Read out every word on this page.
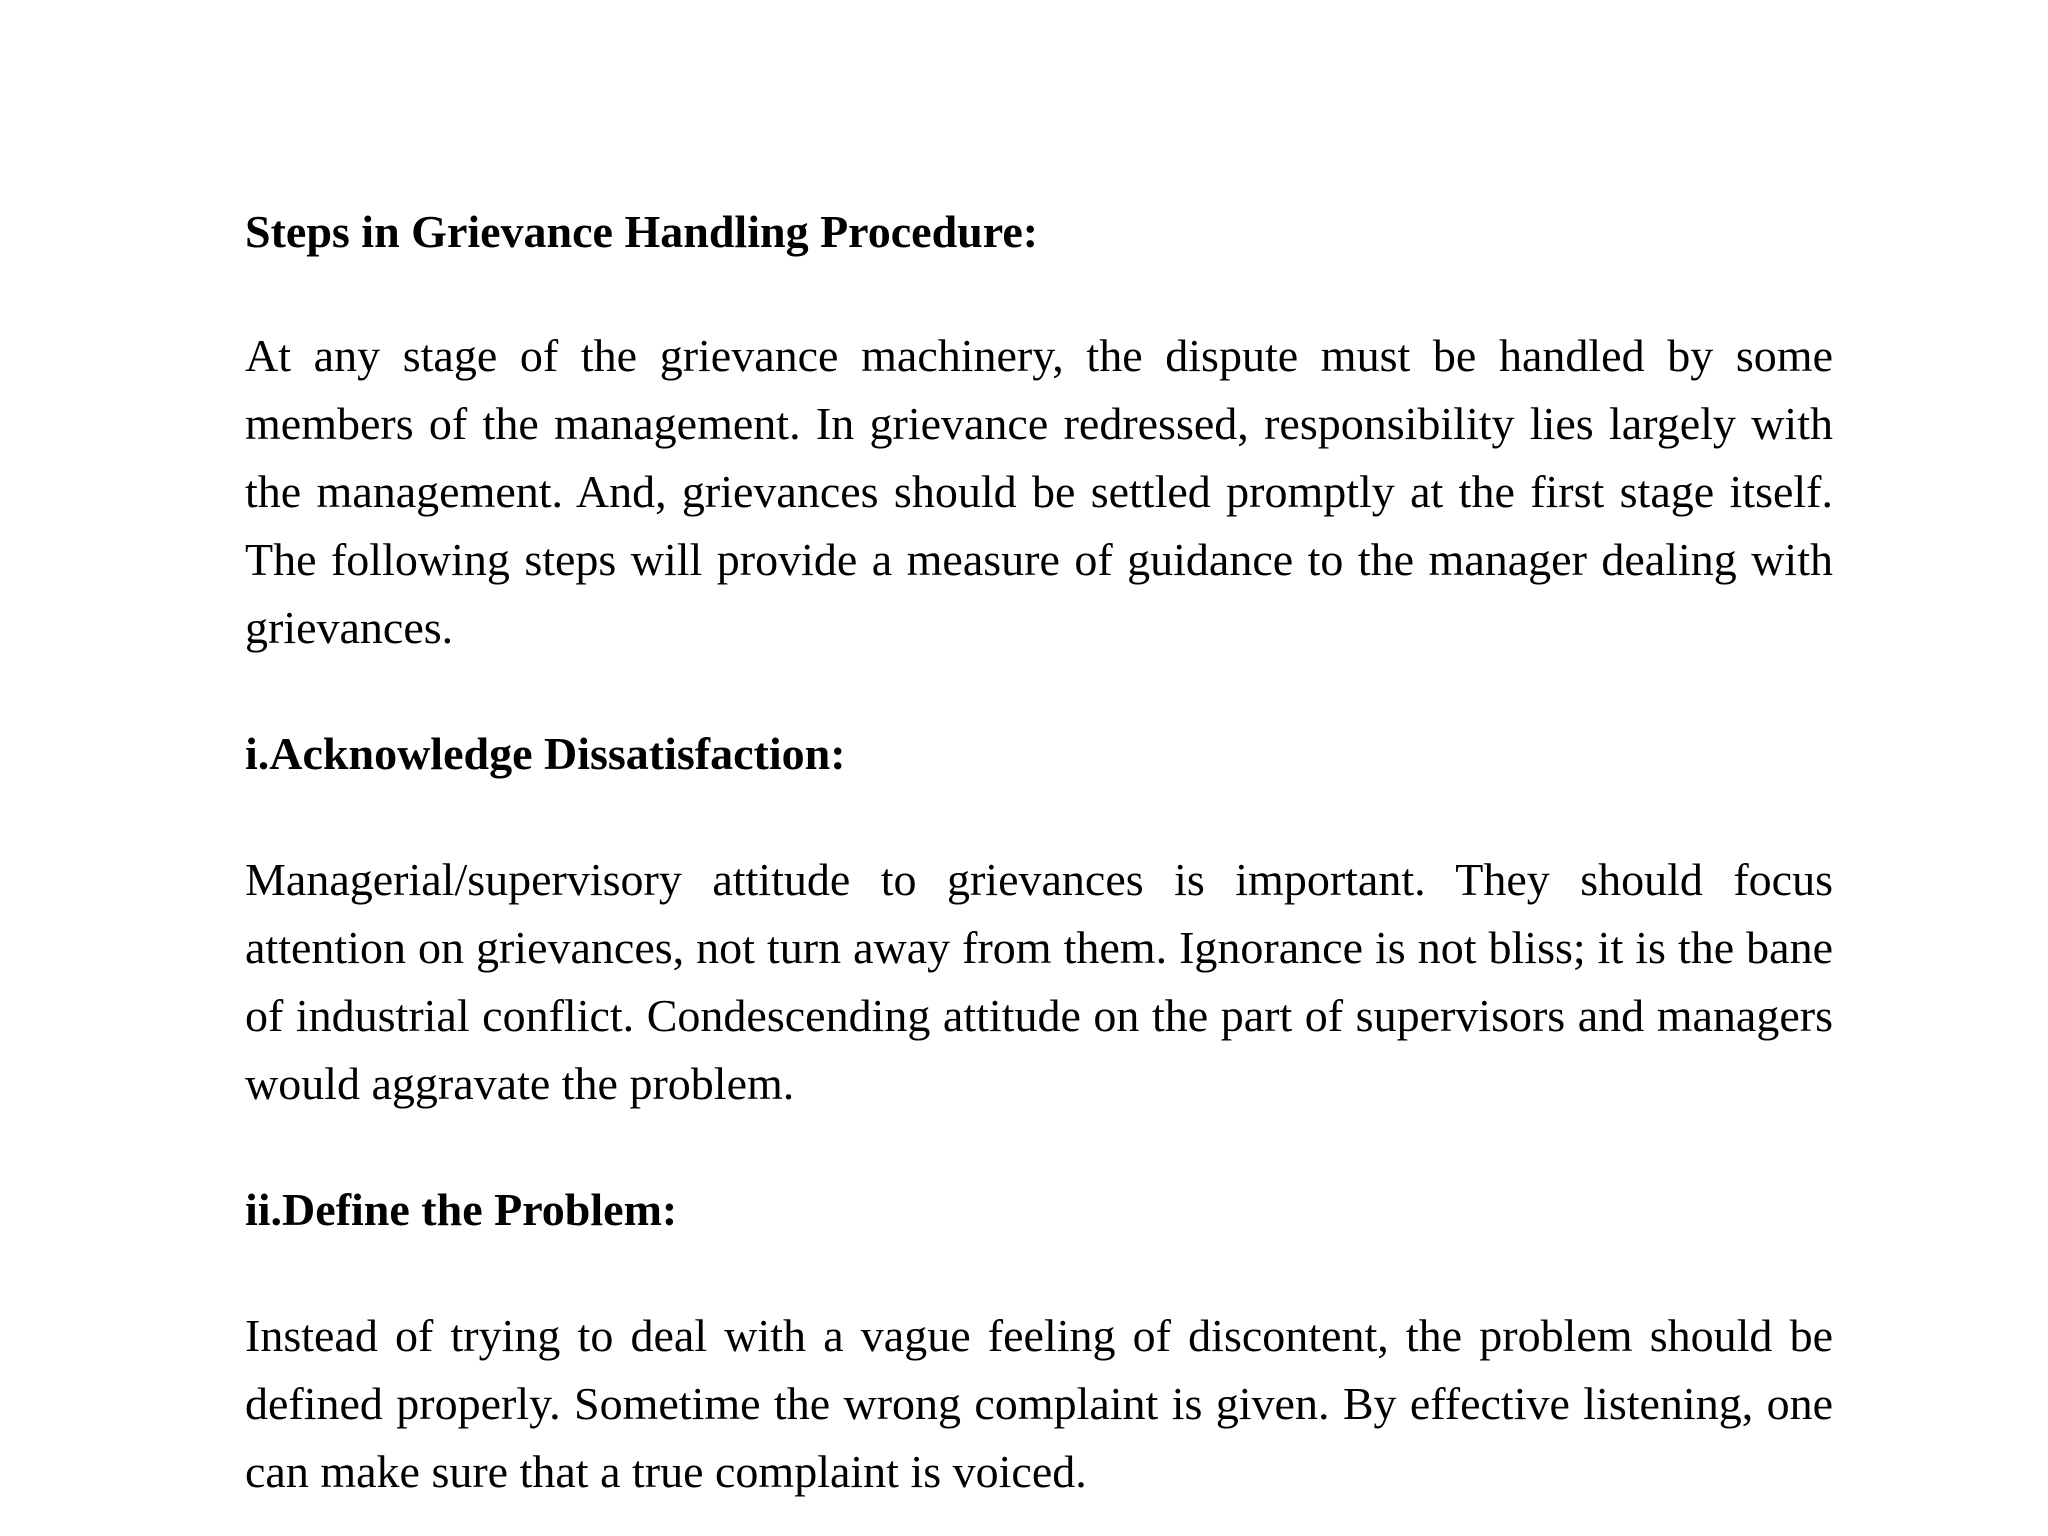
Steps in Grievance Handling Procedure:

At any stage of the grievance machinery, the dispute must be handled by some members of the management. In grievance redressed, responsibility lies largely with the management. And, grievances should be settled promptly at the first stage itself. The following steps will provide a measure of guidance to the manager dealing with grievances.

i.Acknowledge Dissatisfaction:

Managerial/supervisory attitude to grievances is important. They should focus attention on grievances, not turn away from them. Ignorance is not bliss; it is the bane of industrial conflict. Condescending attitude on the part of supervisors and managers would aggravate the problem.

ii.Define the Problem:

Instead of trying to deal with a vague feeling of discontent, the problem should be defined properly. Sometime the wrong complaint is given. By effective listening, one can make sure that a true complaint is voiced.
